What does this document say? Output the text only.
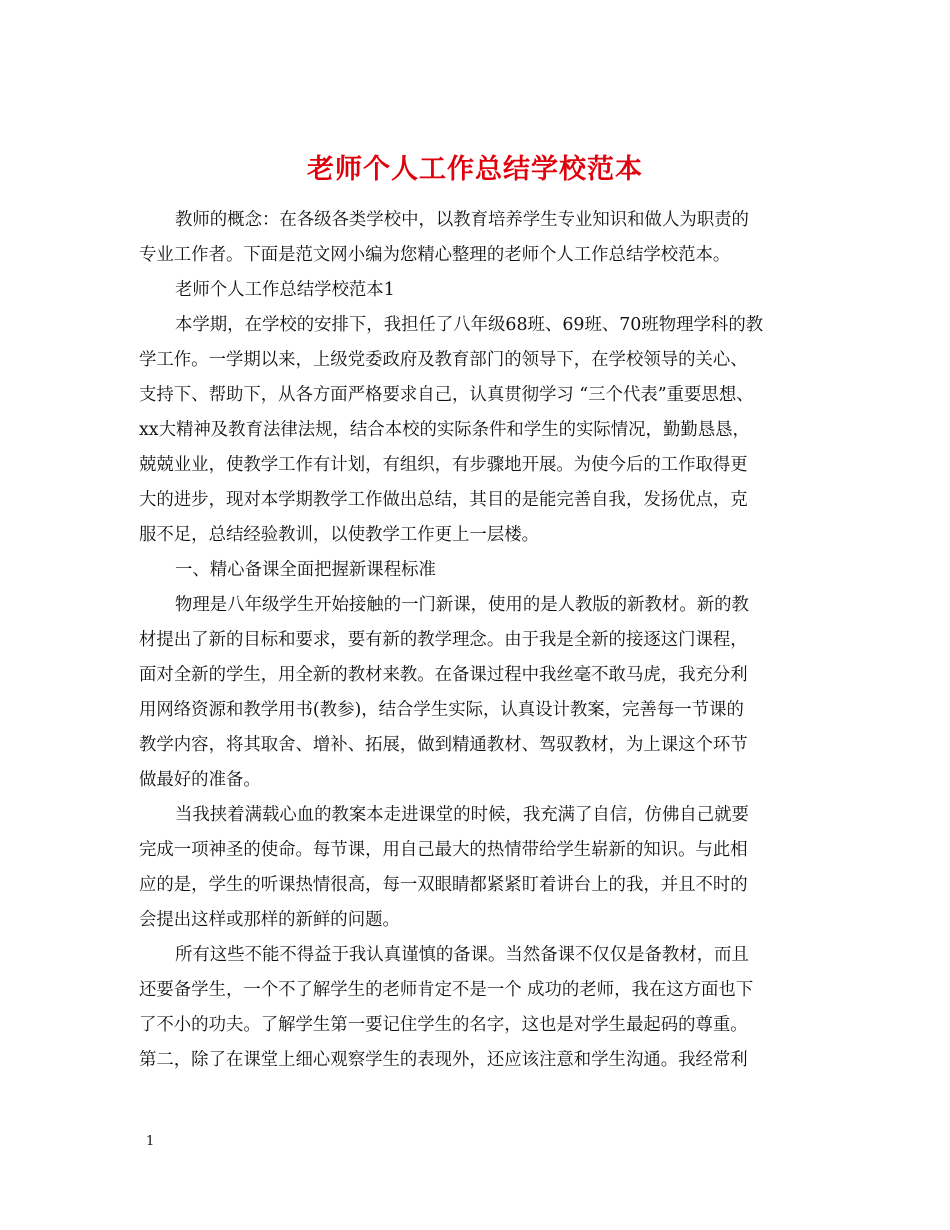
老师个人工作总结学校范本
教师的概念：在各级各类学校中，以教育培养学生专业知识和做人为职责的
专业工作者。下面是范文网小编为您精心整理的老师个人工作总结学校范本。
老师个人工作总结学校范本1
本学期，在学校的安排下，我担任了八年级68班、69班、70班物理学科的教
学工作。一学期以来，上级党委政府及教育部门的领导下，在学校领导的关心、
支持下、帮助下，从各方面严格要求自己，认真贯彻学习 “三个代表”重要思想、
xx大精神及教育法律法规，结合本校的实际条件和学生的实际情况，勤勤恳恳，
兢兢业业，使教学工作有计划，有组织，有步骤地开展。为使今后的工作取得更
大的进步，现对本学期教学工作做出总结，其目的是能完善自我，发扬优点，克
服不足，总结经验教训，以使教学工作更上一层楼。
一、精心备课全面把握新课程标准
物理是八年级学生开始接触的一门新课，使用的是人教版的新教材。新的教
材提出了新的目标和要求，要有新的教学理念。由于我是全新的接逐这门课程，
面对全新的学生，用全新的教材来教。在备课过程中我丝毫不敢马虎，我充分利
用网络资源和教学用书(教参)，结合学生实际，认真设计教案，完善每一节课的
教学内容，将其取舍、增补、拓展，做到精通教材、驾驭教材，为上课这个环节
做最好的准备。
当我挟着满载心血的教案本走进课堂的时候，我充满了自信，仿佛自己就要
完成一项神圣的使命。每节课，用自己最大的热情带给学生崭新的知识。与此相
应的是，学生的听课热情很高，每一双眼睛都紧紧盯着讲台上的我，并且不时的
会提出这样或那样的新鲜的问题。
所有这些不能不得益于我认真谨慎的备课。当然备课不仅仅是备教材，而且
还要备学生，一个不了解学生的老师肯定不是一个 成功的老师，我在这方面也下
了不小的功夫。了解学生第一要记住学生的名字，这也是对学生最起码的尊重。
第二，除了在课堂上细心观察学生的表现外，还应该注意和学生沟通。我经常利
1
